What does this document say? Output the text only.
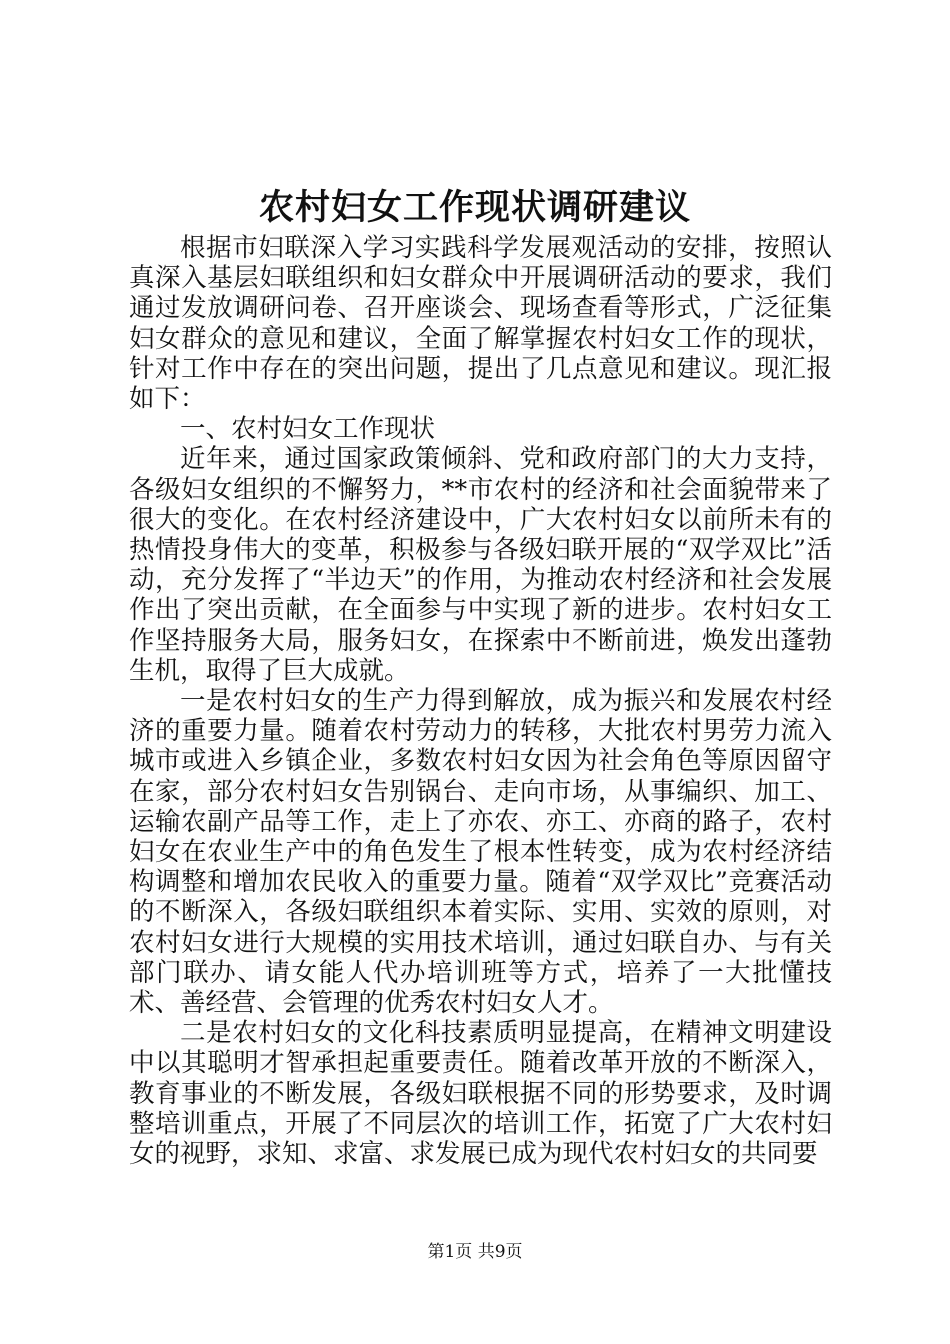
农村妇女工作现状调研建议

根据市妇联深入学习实践科学发展观活动的安排，按照认真深入基层妇联组织和妇女群众中开展调研活动的要求，我们通过发放调研问卷、召开座谈会、现场查看等形式，广泛征集妇女群众的意见和建议，全面了解掌握农村妇女工作的现状，针对工作中存在的突出问题，提出了几点意见和建议。现汇报如下：

一、农村妇女工作现状

近年来，通过国家政策倾斜、党和政府部门的大力支持，各级妇女组织的不懈努力，**市农村的经济和社会面貌带来了很大的变化。在农村经济建设中，广大农村妇女以前所未有的热情投身伟大的变革，积极参与各级妇联开展的“双学双比”活动，充分发挥了“半边天”的作用，为推动农村经济和社会发展作出了突出贡献，在全面参与中实现了新的进步。农村妇女工作坚持服务大局，服务妇女，在探索中不断前进，焕发出蓬勃生机，取得了巨大成就。

一是农村妇女的生产力得到解放，成为振兴和发展农村经济的重要力量。随着农村劳动力的转移，大批农村男劳力流入城市或进入乡镇企业，多数农村妇女因为社会角色等原因留守在家，部分农村妇女告别锅台、走向市场，从事编织、加工、运输农副产品等工作，走上了亦农、亦工、亦商的路子，农村妇女在农业生产中的角色发生了根本性转变，成为农村经济结构调整和增加农民收入的重要力量。随着“双学双比”竞赛活动的不断深入，各级妇联组织本着实际、实用、实效的原则，对农村妇女进行大规模的实用技术培训，通过妇联自办、与有关部门联办、请女能人代办培训班等方式，培养了一大批懂技术、善经营、会管理的优秀农村妇女人才。

二是农村妇女的文化科技素质明显提高，在精神文明建设中以其聪明才智承担起重要责任。随着改革开放的不断深入，教育事业的不断发展，各级妇联根据不同的形势要求，及时调整培训重点，开展了不同层次的培训工作，拓宽了广大农村妇女的视野，求知、求富、求发展已成为现代农村妇女的共同要

第1页 共9页
